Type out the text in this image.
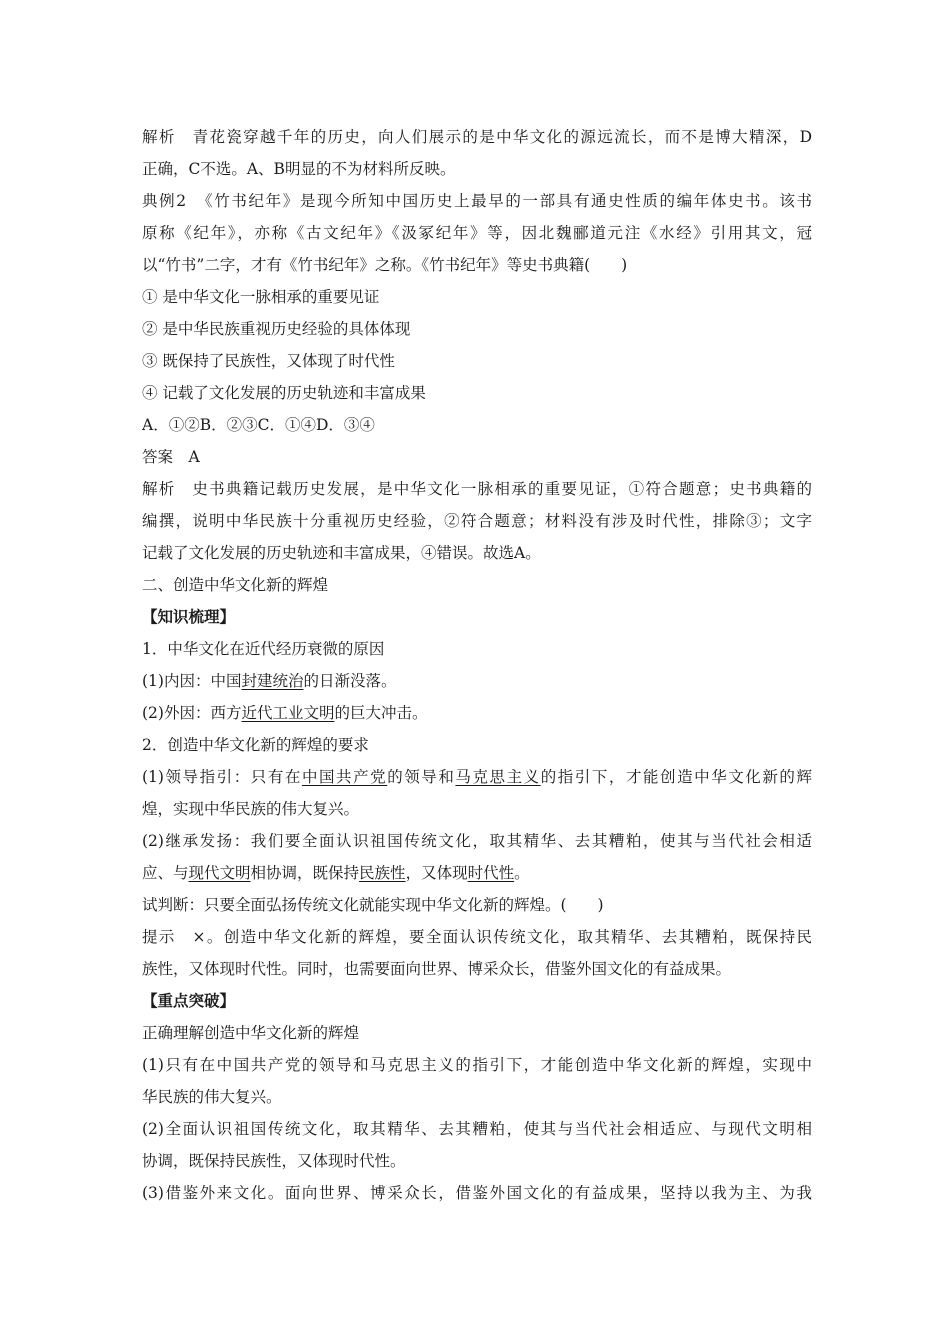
解析　青花瓷穿越千年的历史，向人们展示的是中华文化的源远流长，而不是博大精深，D
正确，C不选。A、B明显的不为材料所反映。
典例2　《竹书纪年》是现今所知中国历史上最早的一部具有通史性质的编年体史书。该书
原称《纪年》，亦称《古文纪年》《汲冢纪年》等，因北魏郦道元注《水经》引用其文，冠
以“竹书”二字，才有《竹书纪年》之称。《竹书纪年》等史书典籍(　　)
① 是中华文化一脉相承的重要见证
② 是中华民族重视历史经验的具体体现
③ 既保持了民族性，又体现了时代性
④ 记载了文化发展的历史轨迹和丰富成果
A．①②B．②③C．①④D．③④
答案　A
解析　史书典籍记载历史发展，是中华文化一脉相承的重要见证，①符合题意；史书典籍的
编撰，说明中华民族十分重视历史经验，②符合题意；材料没有涉及时代性，排除③；文字
记载了文化发展的历史轨迹和丰富成果，④错误。故选A。
二、创造中华文化新的辉煌
【知识梳理】
1．中华文化在近代经历衰微的原因
(1)内因：中国封建统治的日渐没落。
(2)外因：西方近代工业文明的巨大冲击。
2．创造中华文化新的辉煌的要求
(1)领导指引：只有在中国共产党的领导和马克思主义的指引下，才能创造中华文化新的辉
煌，实现中华民族的伟大复兴。
(2)继承发扬：我们要全面认识祖国传统文化，取其精华、去其糟粕，使其与当代社会相适
应、与现代文明相协调，既保持民族性，又体现时代性。
试判断：只要全面弘扬传统文化就能实现中华文化新的辉煌。(　　)
提示　×。创造中华文化新的辉煌，要全面认识传统文化，取其精华、去其糟粕，既保持民
族性，又体现时代性。同时，也需要面向世界、博采众长，借鉴外国文化的有益成果。
【重点突破】
正确理解创造中华文化新的辉煌
(1)只有在中国共产党的领导和马克思主义的指引下，才能创造中华文化新的辉煌，实现中
华民族的伟大复兴。
(2)全面认识祖国传统文化，取其精华、去其糟粕，使其与当代社会相适应、与现代文明相
协调，既保持民族性，又体现时代性。
(3)借鉴外来文化。面向世界、博采众长，借鉴外国文化的有益成果，坚持以我为主、为我
